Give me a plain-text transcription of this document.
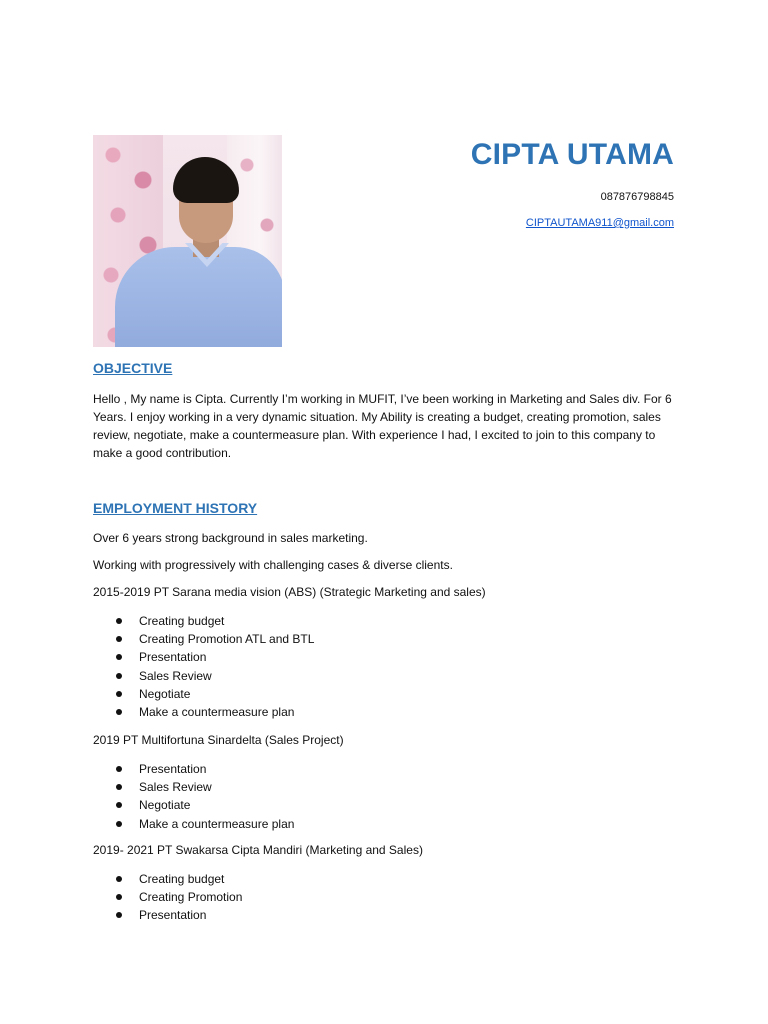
CIPTA UTAMA
087876798845
CIPTAUTAMA911@gmail.com
OBJECTIVE

Hello , My name is Cipta. Currently I’m working in MUFIT, I’ve been working in Marketing and Sales div. For 6 Years. I enjoy working in a very dynamic situation. My Ability is creating a budget, creating promotion, sales review, negotiate, make a countermeasure plan. With experience I had, I excited to join to this company to make a good contribution.

EMPLOYMENT HISTORY

Over 6 years strong background in sales marketing.

Working with progressively with challenging cases & diverse clients.

2015-2019 PT Sarana media vision (ABS) (Strategic Marketing and sales)

Creating budget
Creating Promotion ATL and BTL
Presentation
Sales Review
Negotiate
Make a countermeasure plan

2019 PT Multifortuna Sinardelta (Sales Project)

Presentation
Sales Review
Negotiate
Make a countermeasure plan

2019- 2021 PT Swakarsa Cipta Mandiri (Marketing and Sales)

Creating budget
Creating Promotion
Presentation
